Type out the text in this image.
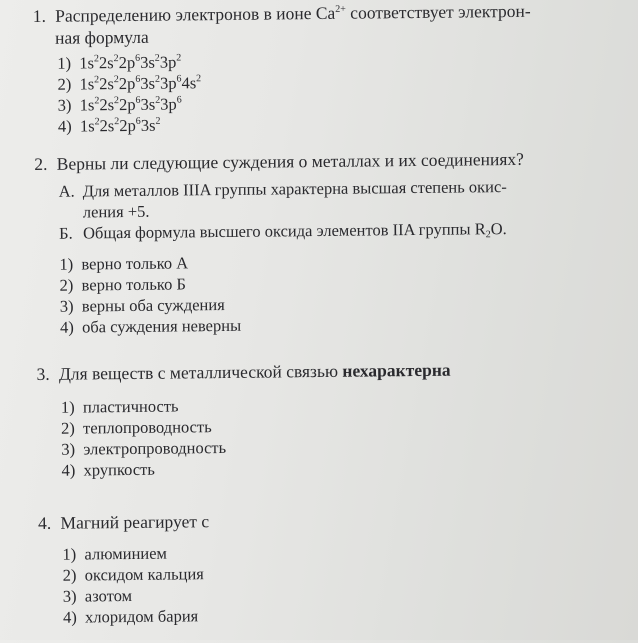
1. Распределению электронов в ионе $Ca^{2+}$ соответствует электрон-

ная формула

1) $1s^22s^22p^63s^23p^2$
2) $1s^22s^22p^63s^23p^64s^2$
3) $1s^22s^22p^63s^23p^6$
4) $1s^22s^22p^63s^2$

2. Верны ли следующие суждения о металлах и их соединениях?

А. Для металлов IIIA группы характерна высшая степень окис-
ления +5.
Б. Общая формула высшего оксида элементов IIA группы $R_2O$.
1) верно только А
2) верно только Б
3) верны оба суждения
4) оба суждения неверны

3. Для веществ с металлической связью нехарактерна

1) пластичность
2) теплопроводность
3) электропроводность
4) хрупкость

4. Магний реагирует с

1) алюминием
2) оксидом кальция
3) азотом
4) хлоридом бария
